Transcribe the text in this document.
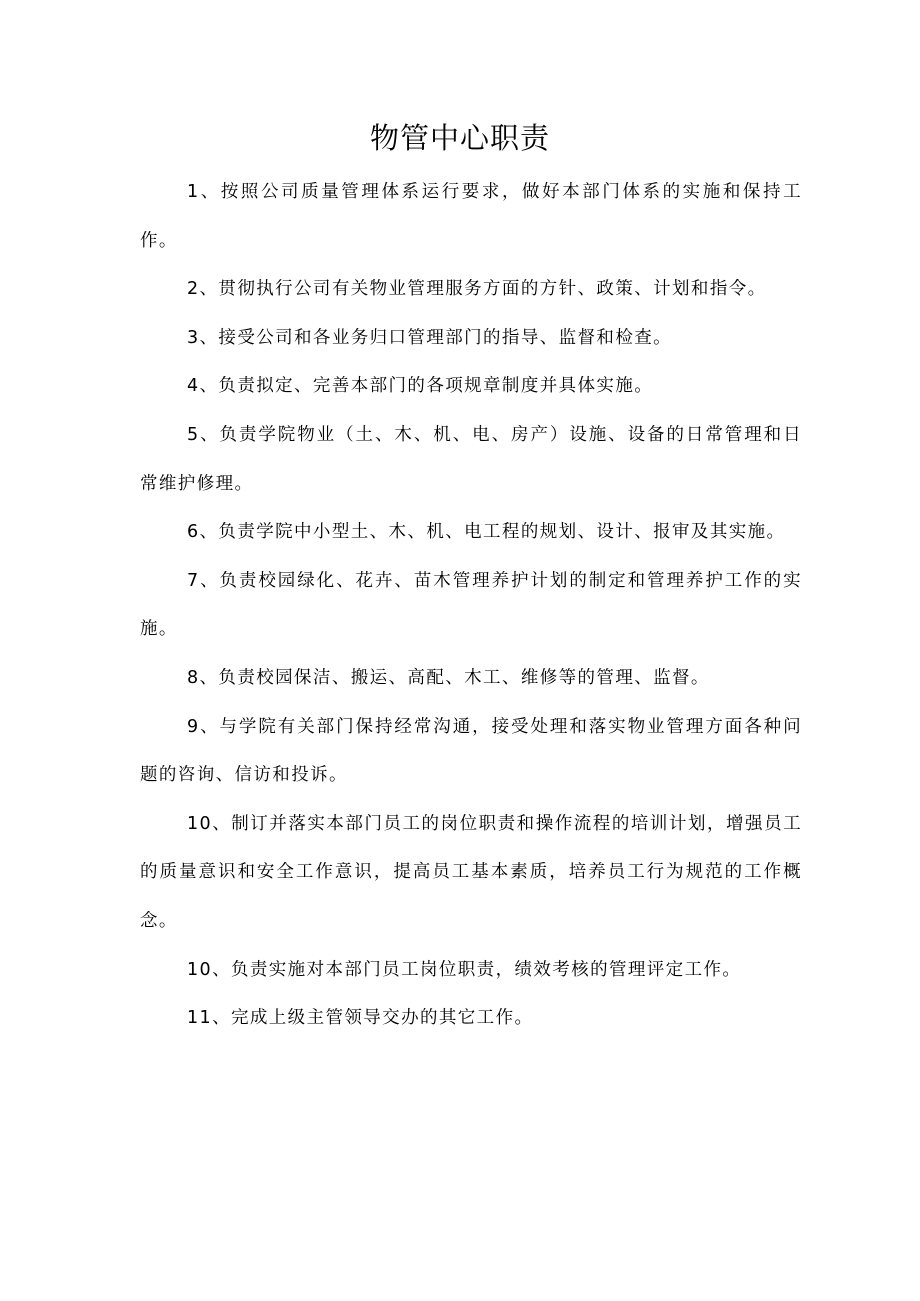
物管中心职责

1、按照公司质量管理体系运行要求，做好本部门体系的实施和保持工作。

2、贯彻执行公司有关物业管理服务方面的方针、政策、计划和指令。

3、接受公司和各业务归口管理部门的指导、监督和检查。

4、负责拟定、完善本部门的各项规章制度并具体实施。

5、负责学院物业（土、木、机、电、房产）设施、设备的日常管理和日常维护修理。

6、负责学院中小型土、木、机、电工程的规划、设计、报审及其实施。

7、负责校园绿化、花卉、苗木管理养护计划的制定和管理养护工作的实施。

8、负责校园保洁、搬运、高配、木工、维修等的管理、监督。

9、与学院有关部门保持经常沟通，接受处理和落实物业管理方面各种问题的咨询、信访和投诉。

10、制订并落实本部门员工的岗位职责和操作流程的培训计划，增强员工的质量意识和安全工作意识，提高员工基本素质，培养员工行为规范的工作概念。

10、负责实施对本部门员工岗位职责，绩效考核的管理评定工作。

11、完成上级主管领导交办的其它工作。
